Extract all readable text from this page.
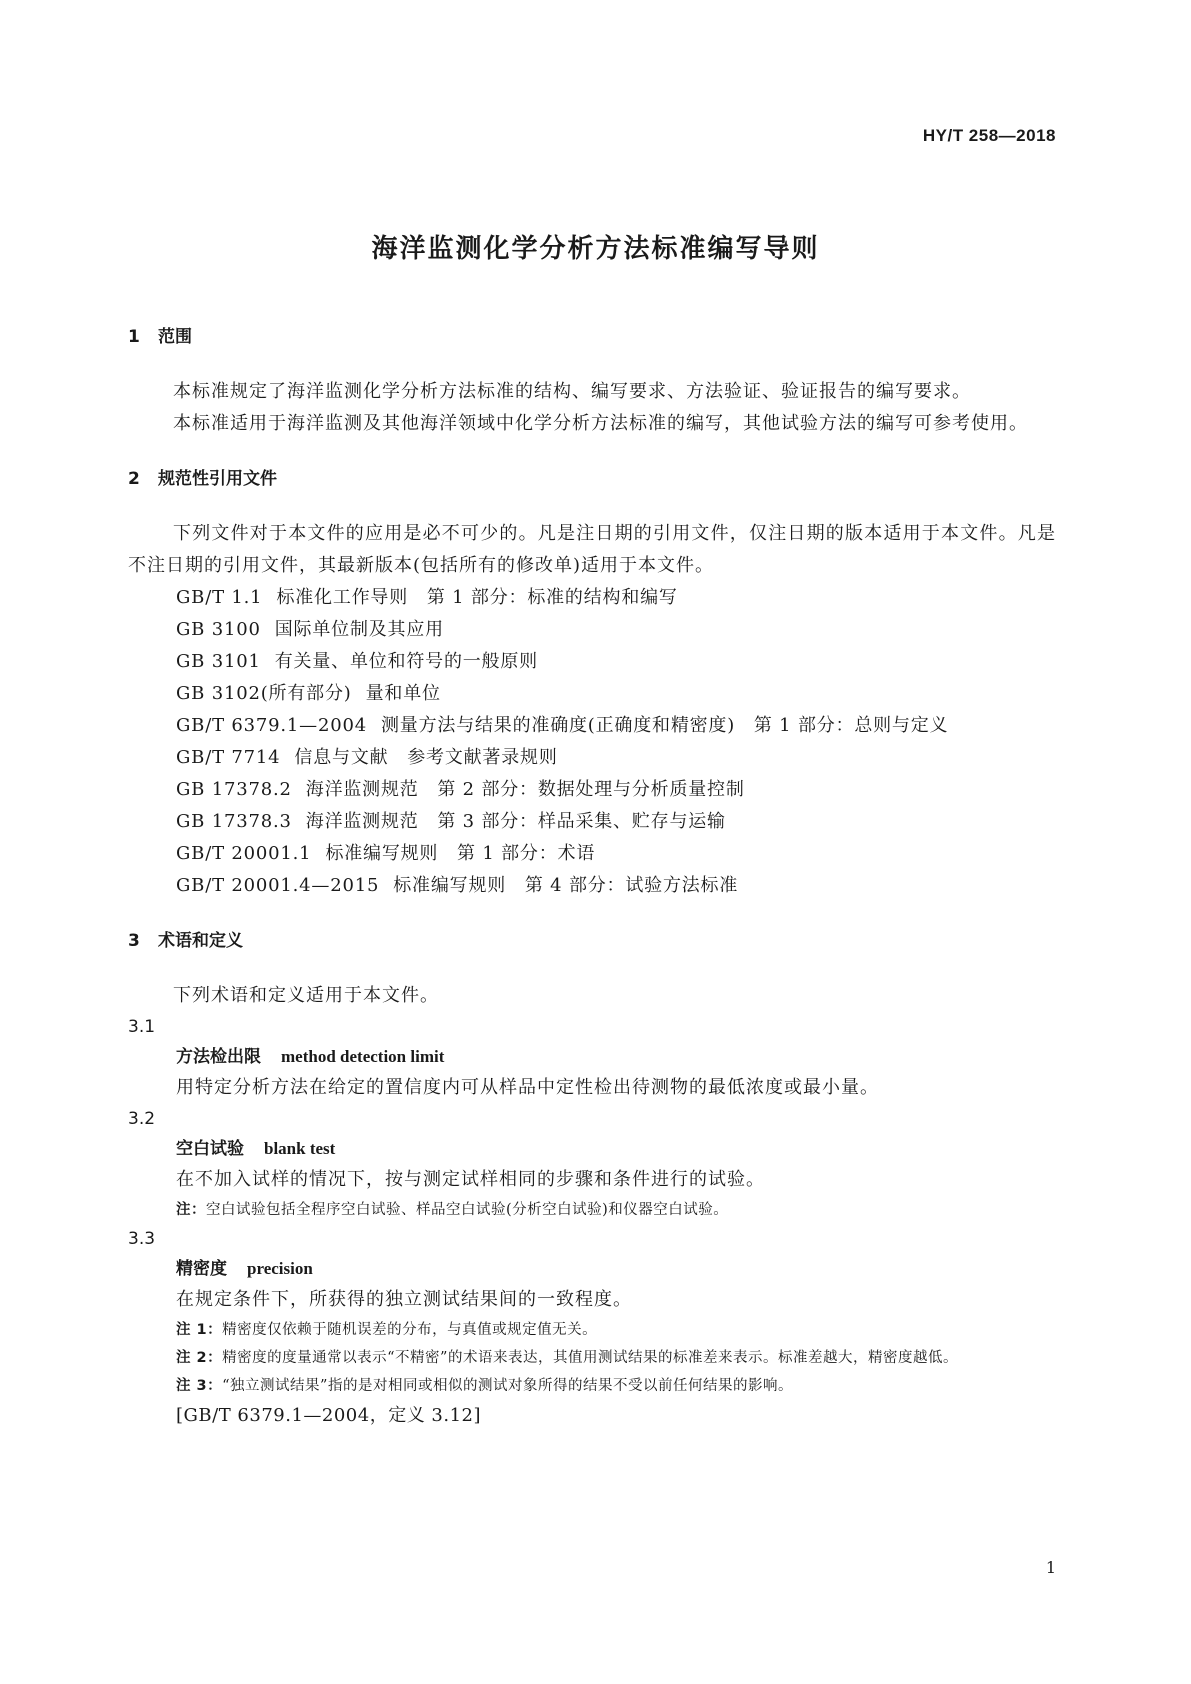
HY/T 258—2018
海洋监测化学分析方法标准编写导则
1 范围
本标准规定了海洋监测化学分析方法标准的结构、编写要求、方法验证、验证报告的编写要求。
本标准适用于海洋监测及其他海洋领域中化学分析方法标准的编写，其他试验方法的编写可参考使用。
2 规范性引用文件
下列文件对于本文件的应用是必不可少的。凡是注日期的引用文件，仅注日期的版本适用于本文件。凡是不注日期的引用文件，其最新版本(包括所有的修改单)适用于本文件。
GB/T 1.1 标准化工作导则　第 1 部分：标准的结构和编写
GB 3100 国际单位制及其应用
GB 3101 有关量、单位和符号的一般原则
GB 3102(所有部分) 量和单位
GB/T 6379.1—2004 测量方法与结果的准确度(正确度和精密度)　第 1 部分：总则与定义
GB/T 7714 信息与文献　参考文献著录规则
GB 17378.2 海洋监测规范　第 2 部分：数据处理与分析质量控制
GB 17378.3 海洋监测规范　第 3 部分：样品采集、贮存与运输
GB/T 20001.1 标准编写规则　第 1 部分：术语
GB/T 20001.4—2015 标准编写规则　第 4 部分：试验方法标准
3 术语和定义
下列术语和定义适用于本文件。
3.1
方法检出限 method detection limit
用特定分析方法在给定的置信度内可从样品中定性检出待测物的最低浓度或最小量。
3.2
空白试验 blank test
在不加入试样的情况下，按与测定试样相同的步骤和条件进行的试验。
注：空白试验包括全程序空白试验、样品空白试验(分析空白试验)和仪器空白试验。
3.3
精密度 precision
在规定条件下，所获得的独立测试结果间的一致程度。
注 1：精密度仅依赖于随机误差的分布，与真值或规定值无关。
注 2：精密度的度量通常以表示“不精密”的术语来表达，其值用测试结果的标准差来表示。标准差越大，精密度越低。
注 3：“独立测试结果”指的是对相同或相似的测试对象所得的结果不受以前任何结果的影响。
[GB/T 6379.1—2004，定义 3.12]
1
